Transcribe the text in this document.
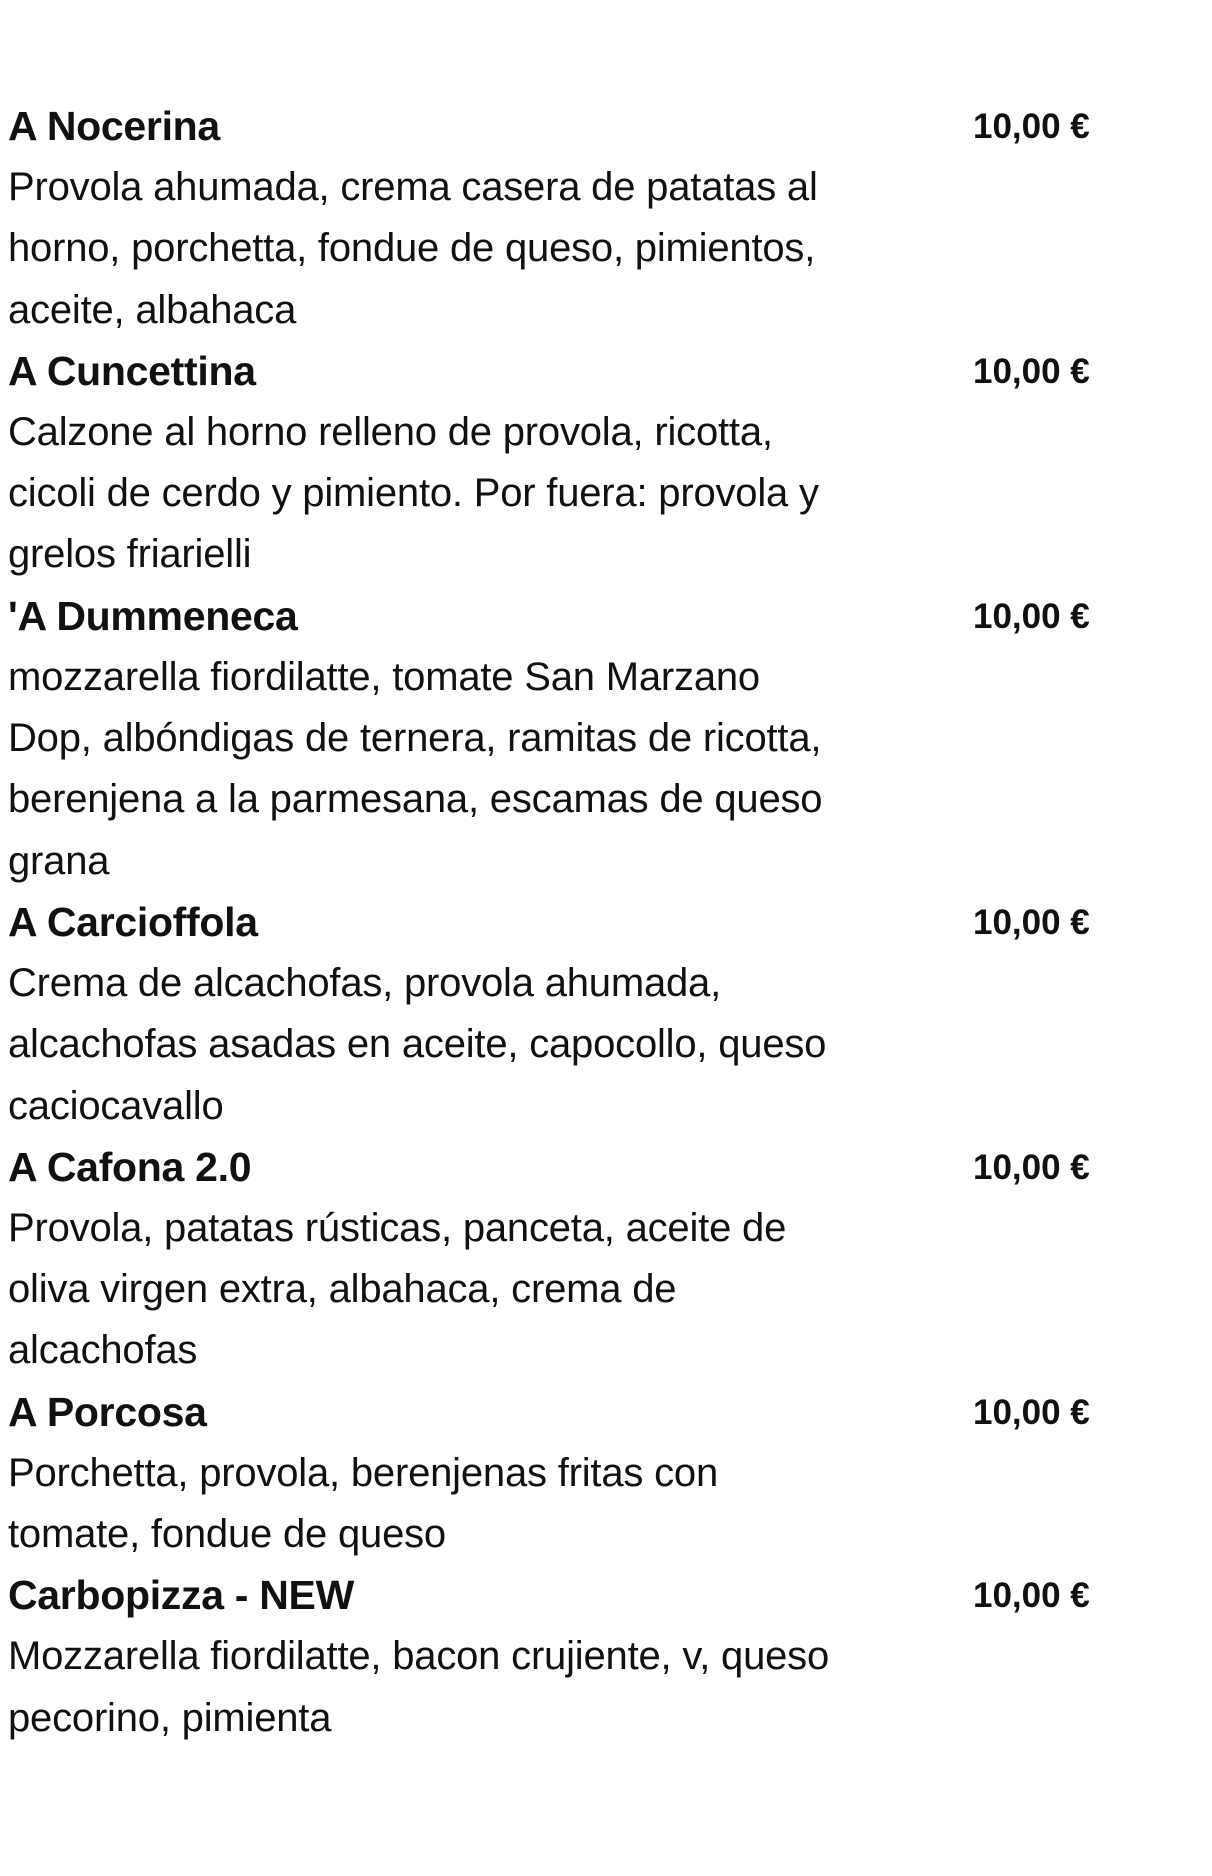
A Nocerina	10,00 €
Provola ahumada, crema casera de patatas al
horno, porchetta, fondue de queso, pimientos,
aceite, albahaca
A Cuncettina	10,00 €
Calzone al horno relleno de provola, ricotta,
cicoli de cerdo y pimiento. Por fuera: provola y
grelos friarielli
'A Dummeneca	10,00 €
mozzarella fiordilatte, tomate San Marzano
Dop, albóndigas de ternera, ramitas de ricotta,
berenjena a la parmesana, escamas de queso
grana
A Carcioffola	10,00 €
Crema de alcachofas, provola ahumada,
alcachofas asadas en aceite, capocollo, queso
caciocavallo
A Cafona 2.0	10,00 €
Provola, patatas rústicas, panceta, aceite de
oliva virgen extra, albahaca, crema de
alcachofas
A Porcosa	10,00 €
Porchetta, provola, berenjenas fritas con
tomate, fondue de queso
Carbopizza - NEW	10,00 €
Mozzarella fiordilatte, bacon crujiente, v, queso
pecorino, pimienta
